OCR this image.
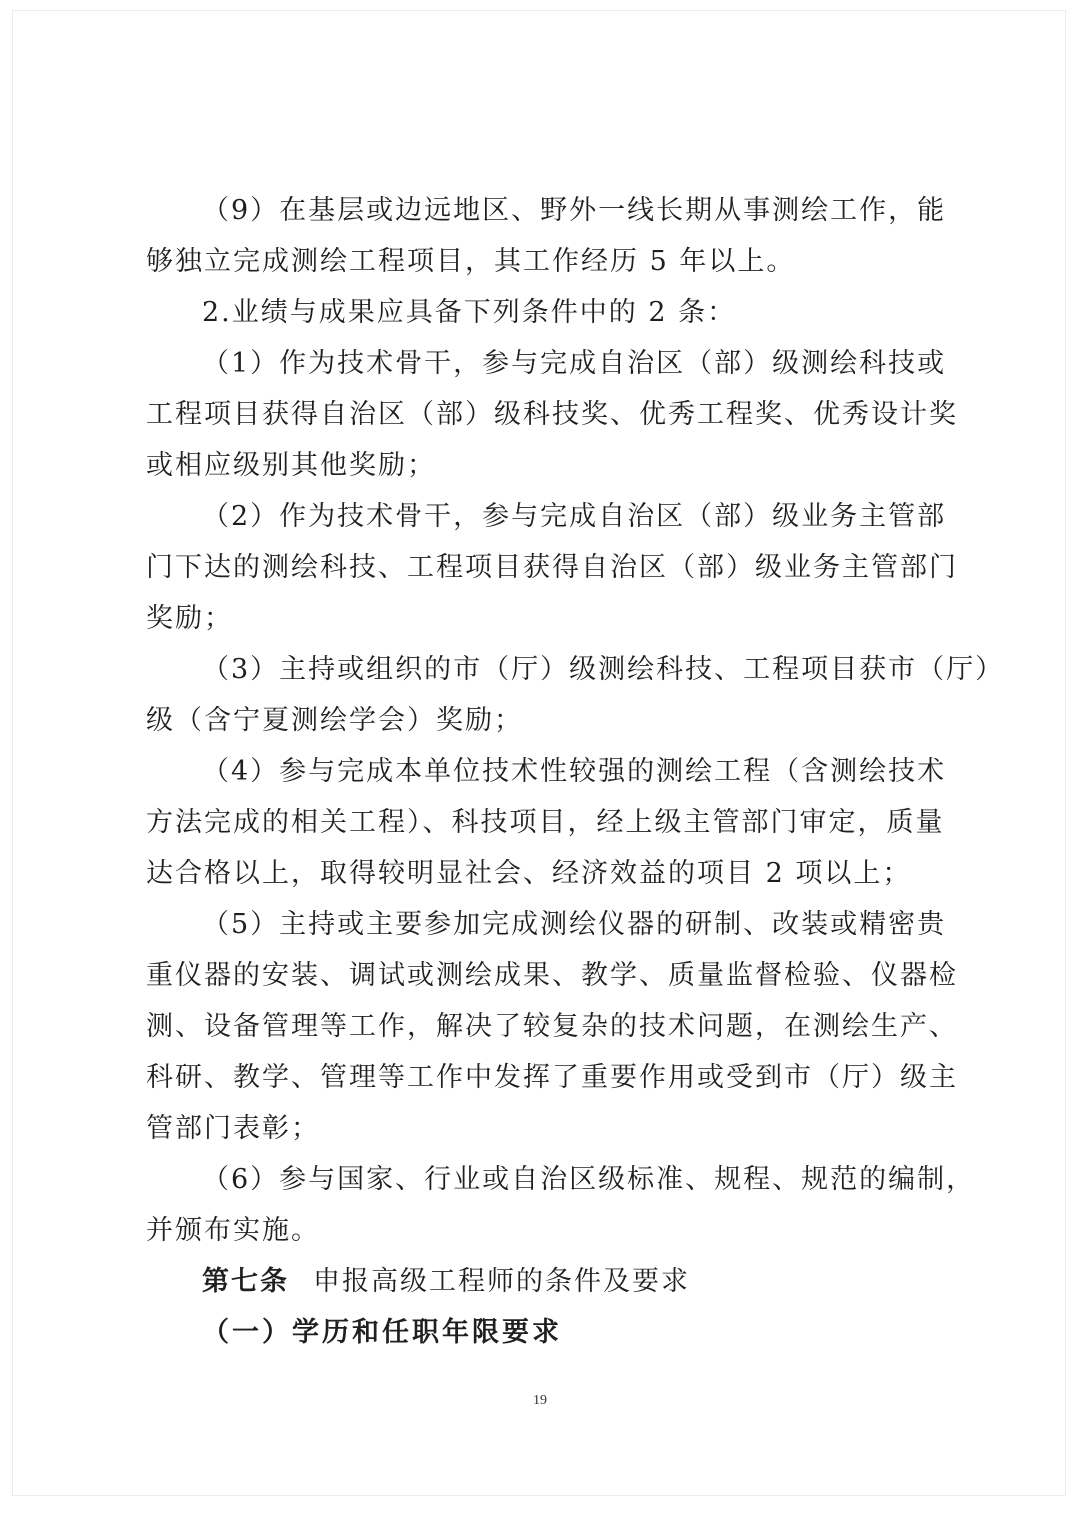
（9）在基层或边远地区、野外一线长期从事测绘工作，能
够独立完成测绘工程项目，其工作经历 5 年以上。
2.业绩与成果应具备下列条件中的 2 条：
（1）作为技术骨干，参与完成自治区（部）级测绘科技或
工程项目获得自治区（部）级科技奖、优秀工程奖、优秀设计奖
或相应级别其他奖励；
（2）作为技术骨干，参与完成自治区（部）级业务主管部
门下达的测绘科技、工程项目获得自治区（部）级业务主管部门
奖励；
（3）主持或组织的市（厅）级测绘科技、工程项目获市（厅）
级（含宁夏测绘学会）奖励；
（4）参与完成本单位技术性较强的测绘工程（含测绘技术
方法完成的相关工程）、科技项目，经上级主管部门审定，质量
达合格以上，取得较明显社会、经济效益的项目 2 项以上；
（5）主持或主要参加完成测绘仪器的研制、改装或精密贵
重仪器的安装、调试或测绘成果、教学、质量监督检验、仪器检
测、设备管理等工作，解决了较复杂的技术问题，在测绘生产、
科研、教学、管理等工作中发挥了重要作用或受到市（厅）级主
管部门表彰；
（6）参与国家、行业或自治区级标准、规程、规范的编制，
并颁布实施。
第七条 申报高级工程师的条件及要求
（一）学历和任职年限要求
19
